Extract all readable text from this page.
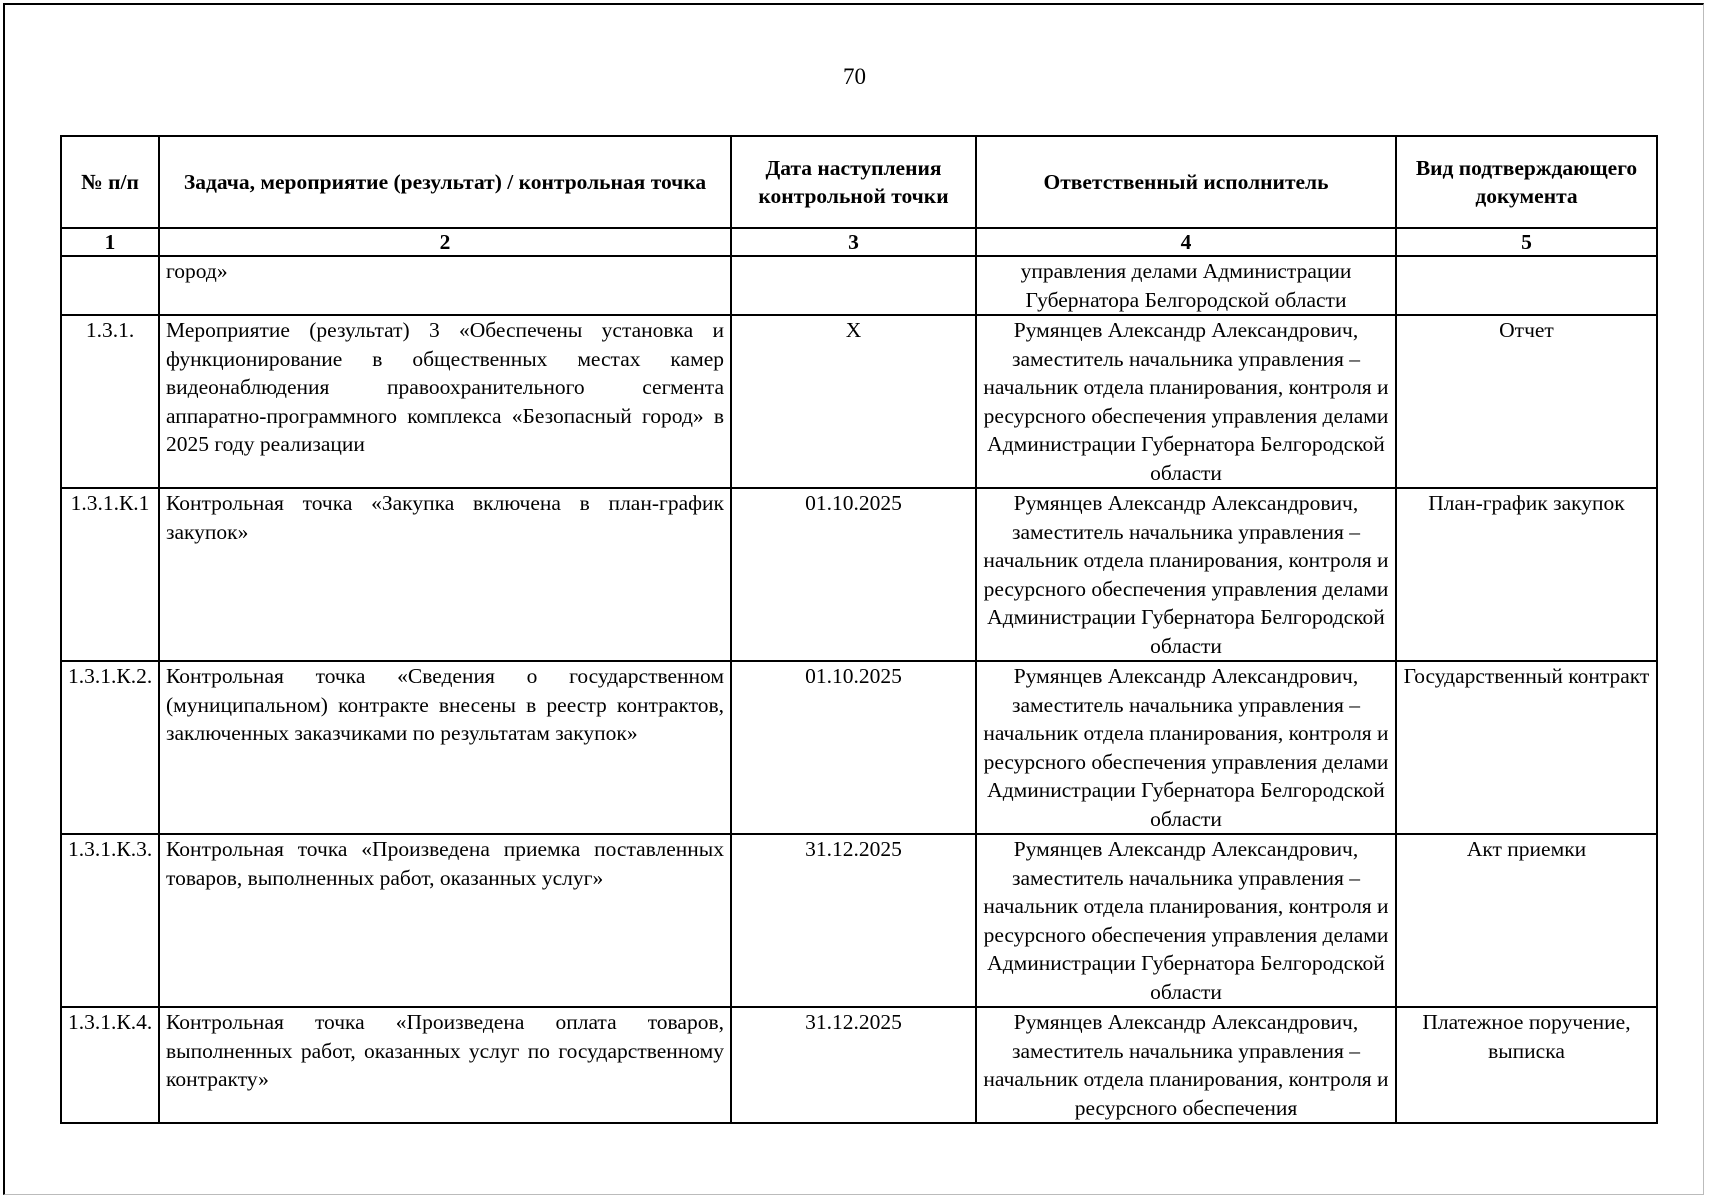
70
№ п/п	Задача, мероприятие (результат) / контрольная точка	Дата наступления контрольной точки	Ответственный исполнитель	Вид подтверждающего документа
1	2	3	4	5
	город»		управления делами Администрации Губернатора Белгородской области	
1.3.1.	Мероприятие (результат) 3 «Обеспечены установка и функционирование в общественных местах камер видеонаблюдения правоохранительного сегмента аппаратно-программного комплекса «Безопасный город» в 2025 году реализации	Х	Румянцев Александр Александрович, заместитель начальника управления – начальник отдела планирования, контроля и ресурсного обеспечения управления делами Администрации Губернатора Белгородской области	Отчет
1.3.1.К.1	Контрольная точка «Закупка включена в план-график закупок»	01.10.2025	Румянцев Александр Александрович, заместитель начальника управления – начальник отдела планирования, контроля и ресурсного обеспечения управления делами Администрации Губернатора Белгородской области	План-график закупок
1.3.1.К.2.	Контрольная точка «Сведения о государственном (муниципальном) контракте внесены в реестр контрактов, заключенных заказчиками по результатам закупок»	01.10.2025	Румянцев Александр Александрович, заместитель начальника управления – начальник отдела планирования, контроля и ресурсного обеспечения управления делами Администрации Губернатора Белгородской области	Государственный контракт
1.3.1.К.3.	Контрольная точка «Произведена приемка поставленных товаров, выполненных работ, оказанных услуг»	31.12.2025	Румянцев Александр Александрович, заместитель начальника управления – начальник отдела планирования, контроля и ресурсного обеспечения управления делами Администрации Губернатора Белгородской области	Акт приемки
1.3.1.К.4.	Контрольная точка «Произведена оплата товаров, выполненных работ, оказанных услуг по государственному контракту»	31.12.2025	Румянцев Александр Александрович, заместитель начальника управления – начальник отдела планирования, контроля и ресурсного обеспечения	Платежное поручение, выписка
